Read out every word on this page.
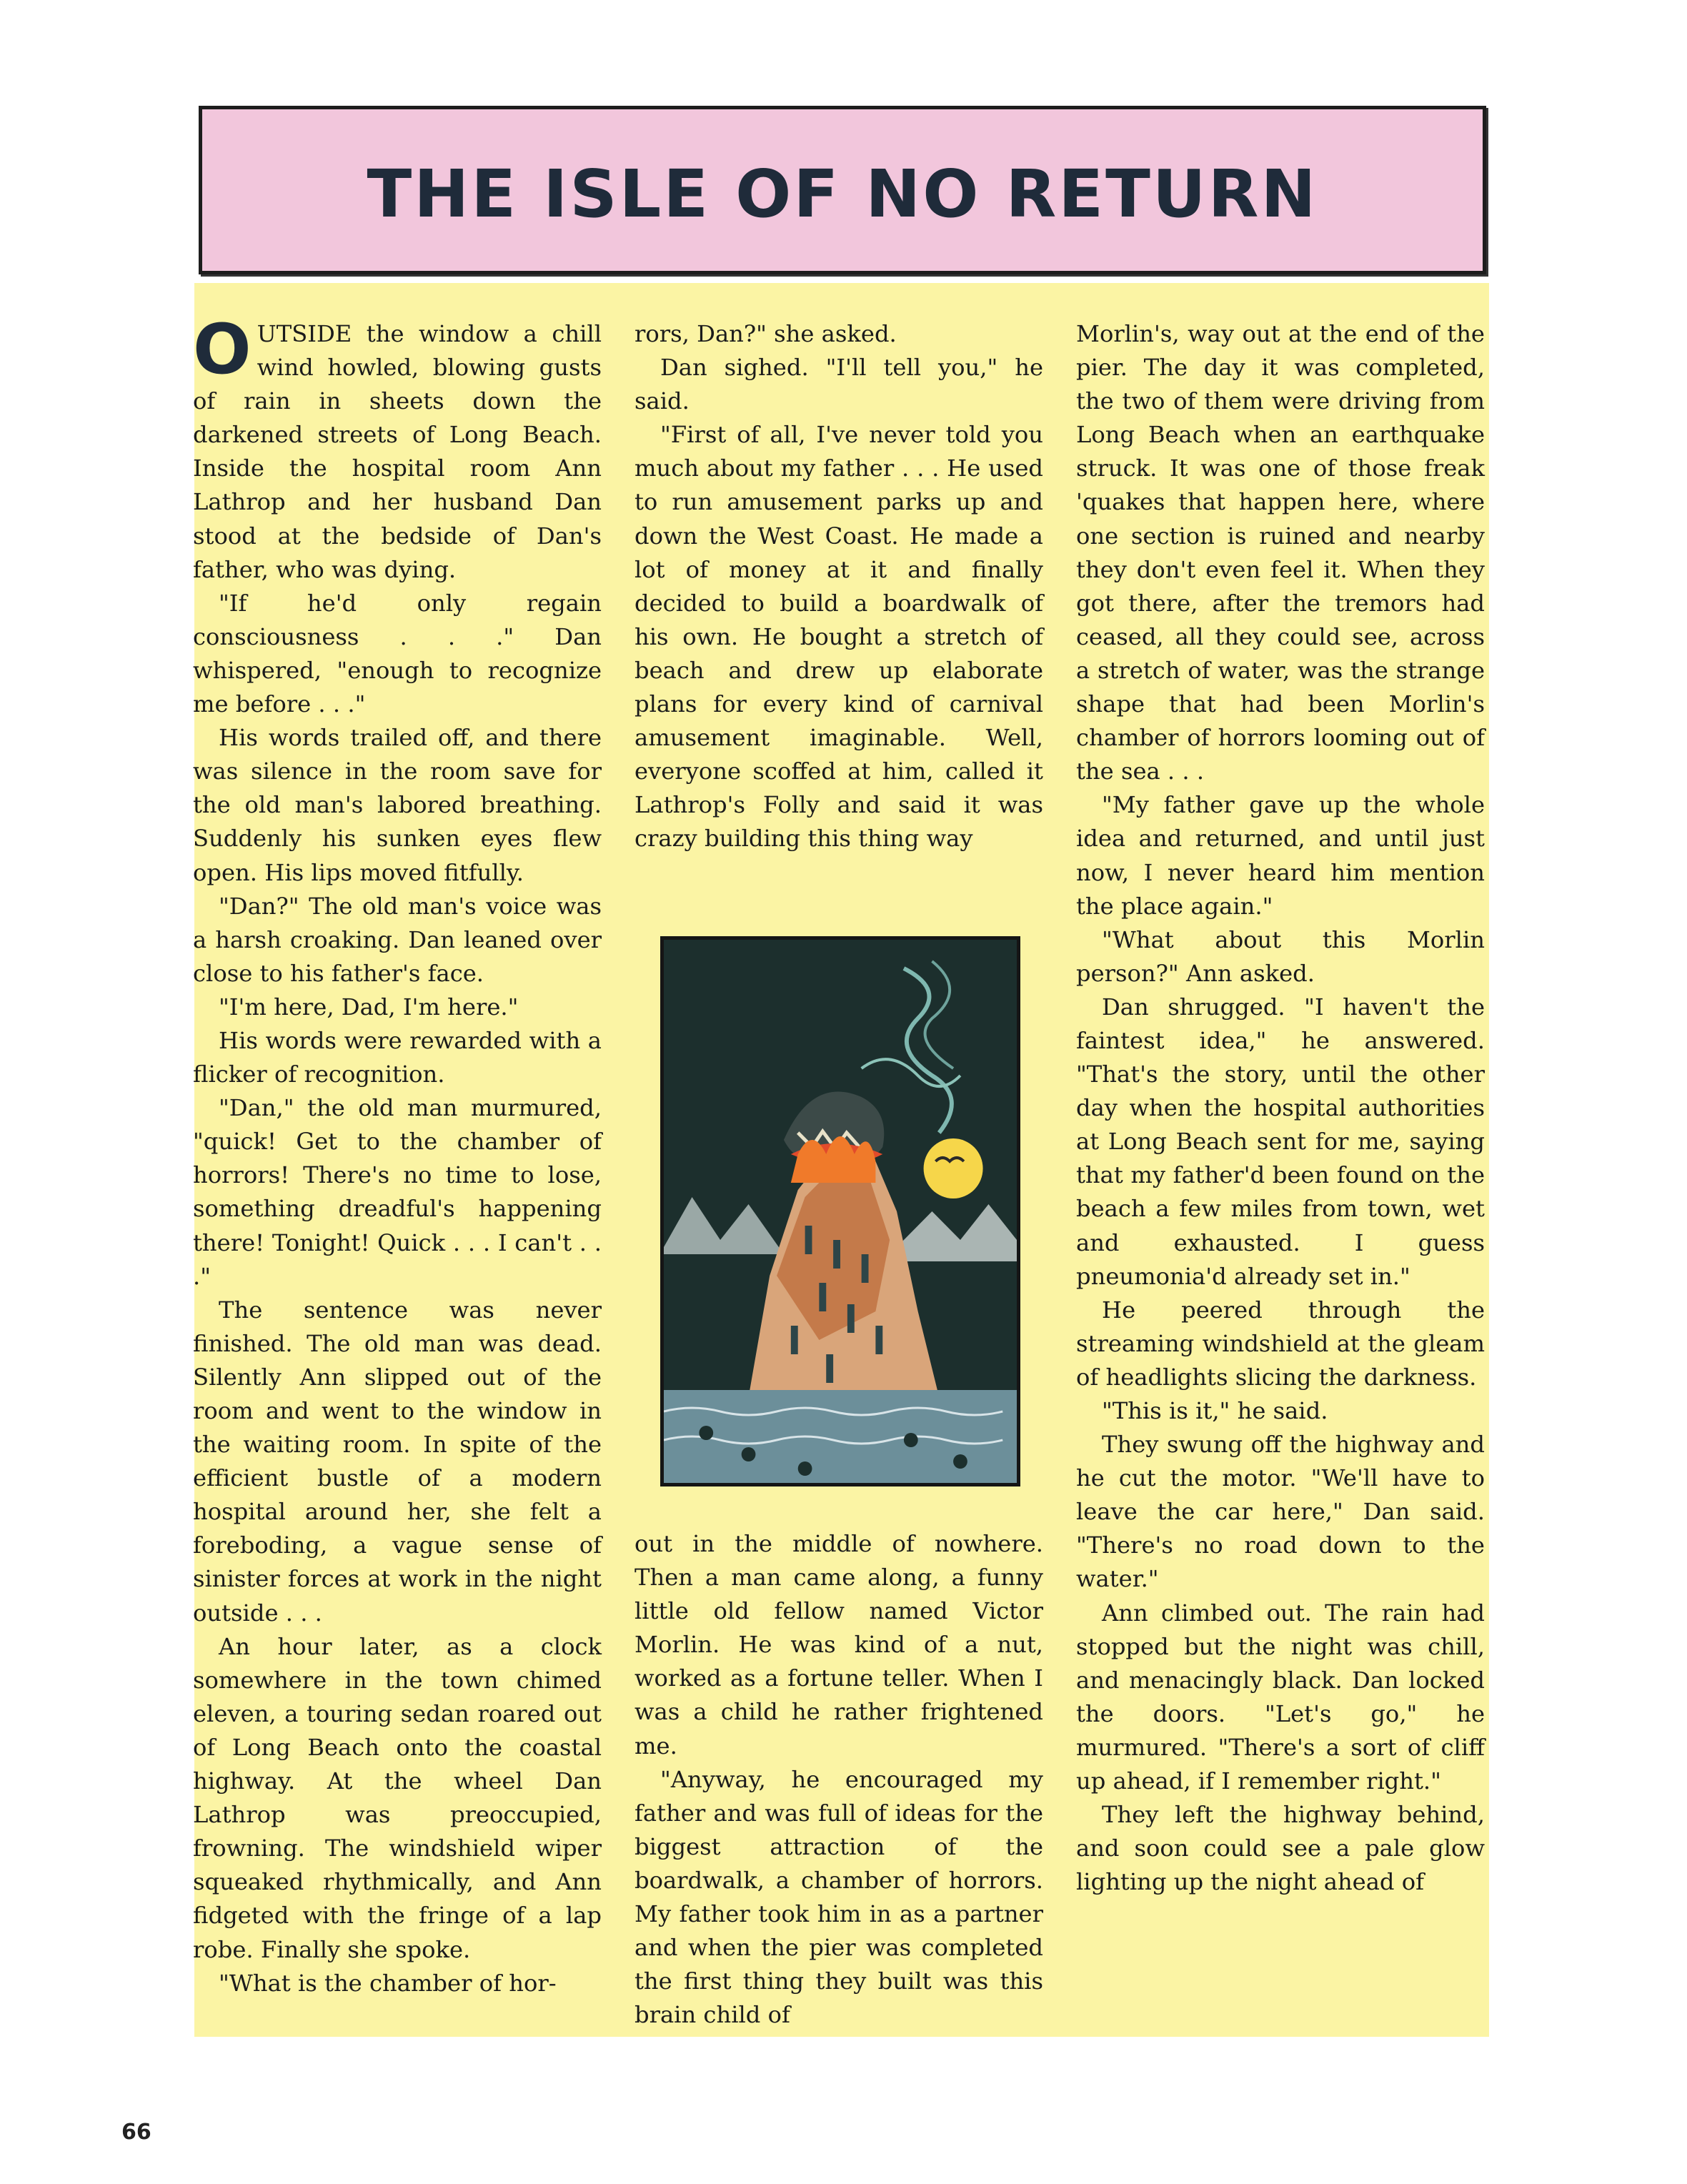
THE ISLE OF NO RETURN

OUTSIDE the window a chill wind howled, blowing gusts of rain in sheets down the darkened streets of Long Beach. Inside the hospital room Ann Lathrop and her husband Dan stood at the bedside of Dan's father, who was dying.

"If he'd only regain consciousness . . ." Dan whispered, "enough to recognize me before . . ."

His words trailed off, and there was silence in the room save for the old man's labored breathing. Suddenly his sunken eyes flew open. His lips moved fitfully.

"Dan?" The old man's voice was a harsh croaking. Dan leaned over close to his father's face.

"I'm here, Dad, I'm here."

His words were rewarded with a flicker of recognition.

"Dan," the old man murmured, "quick! Get to the chamber of horrors! There's no time to lose, something dreadful's happening there! Tonight! Quick . . . I can't . . ."

The sentence was never finished. The old man was dead. Silently Ann slipped out of the room and went to the window in the waiting room. In spite of the efficient bustle of a modern hospital around her, she felt a foreboding, a vague sense of sinister forces at work in the night outside . . .

An hour later, as a clock somewhere in the town chimed eleven, a touring sedan roared out of Long Beach onto the coastal highway. At the wheel Dan Lathrop was preoccupied, frowning. The windshield wiper squeaked rhythmically, and Ann fidgeted with the fringe of a lap robe. Finally she spoke.

"What is the chamber of hor-

rors, Dan?" she asked.

Dan sighed. "I'll tell you," he said.

"First of all, I've never told you much about my father . . . He used to run amusement parks up and down the West Coast. He made a lot of money at it and finally decided to build a boardwalk of his own. He bought a stretch of beach and drew up elaborate plans for every kind of carnival amusement imaginable. Well, everyone scoffed at him, called it Lathrop's Folly and said it was crazy building this thing way

out in the middle of nowhere. Then a man came along, a funny little old fellow named Victor Morlin. He was kind of a nut, worked as a fortune teller. When I was a child he rather frightened me.

"Anyway, he encouraged my father and was full of ideas for the biggest attraction of the boardwalk, a chamber of horrors. My father took him in as a partner and when the pier was completed the first thing they built was this brain child of

Morlin's, way out at the end of the pier. The day it was completed, the two of them were driving from Long Beach when an earthquake struck. It was one of those freak 'quakes that happen here, where one section is ruined and nearby they don't even feel it. When they got there, after the tremors had ceased, all they could see, across a stretch of water, was the strange shape that had been Morlin's chamber of horrors looming out of the sea . . .

"My father gave up the whole idea and returned, and until just now, I never heard him mention the place again."

"What about this Morlin person?" Ann asked.

Dan shrugged. "I haven't the faintest idea," he answered. "That's the story, until the other day when the hospital authorities at Long Beach sent for me, saying that my father'd been found on the beach a few miles from town, wet and exhausted. I guess pneumonia'd already set in."

He peered through the streaming windshield at the gleam of headlights slicing the darkness.

"This is it," he said.

They swung off the highway and he cut the motor. "We'll have to leave the car here," Dan said. "There's no road down to the water."

Ann climbed out. The rain had stopped but the night was chill, and menacingly black. Dan locked the doors. "Let's go," he murmured. "There's a sort of cliff up ahead, if I remember right."

They left the highway behind, and soon could see a pale glow lighting up the night ahead of

66
